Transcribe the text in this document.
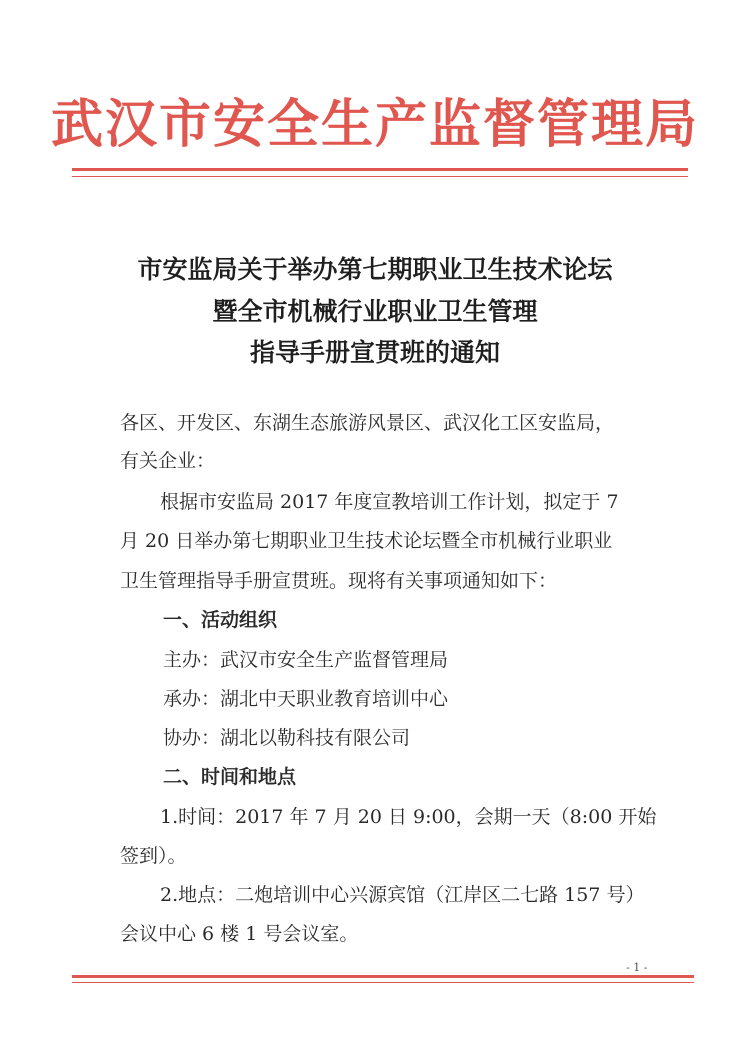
武汉市安全生产监督管理局
市安监局关于举办第七期职业卫生技术论坛
暨全市机械行业职业卫生管理
指导手册宣贯班的通知
各区、开发区、东湖生态旅游风景区、武汉化工区安监局，
有关企业：
根据市安监局 2017 年度宣教培训工作计划，拟定于 7
月 20 日举办第七期职业卫生技术论坛暨全市机械行业职业
卫生管理指导手册宣贯班。现将有关事项通知如下：
一、活动组织
主办：武汉市安全生产监督管理局
承办：湖北中天职业教育培训中心
协办：湖北以勒科技有限公司
二、时间和地点
1.时间：2017 年 7 月 20 日 9:00，会期一天（8:00 开始
签到）。
2.地点：二炮培训中心兴源宾馆（江岸区二七路 157 号）
会议中心 6 楼 1 号会议室。
- 1 -
